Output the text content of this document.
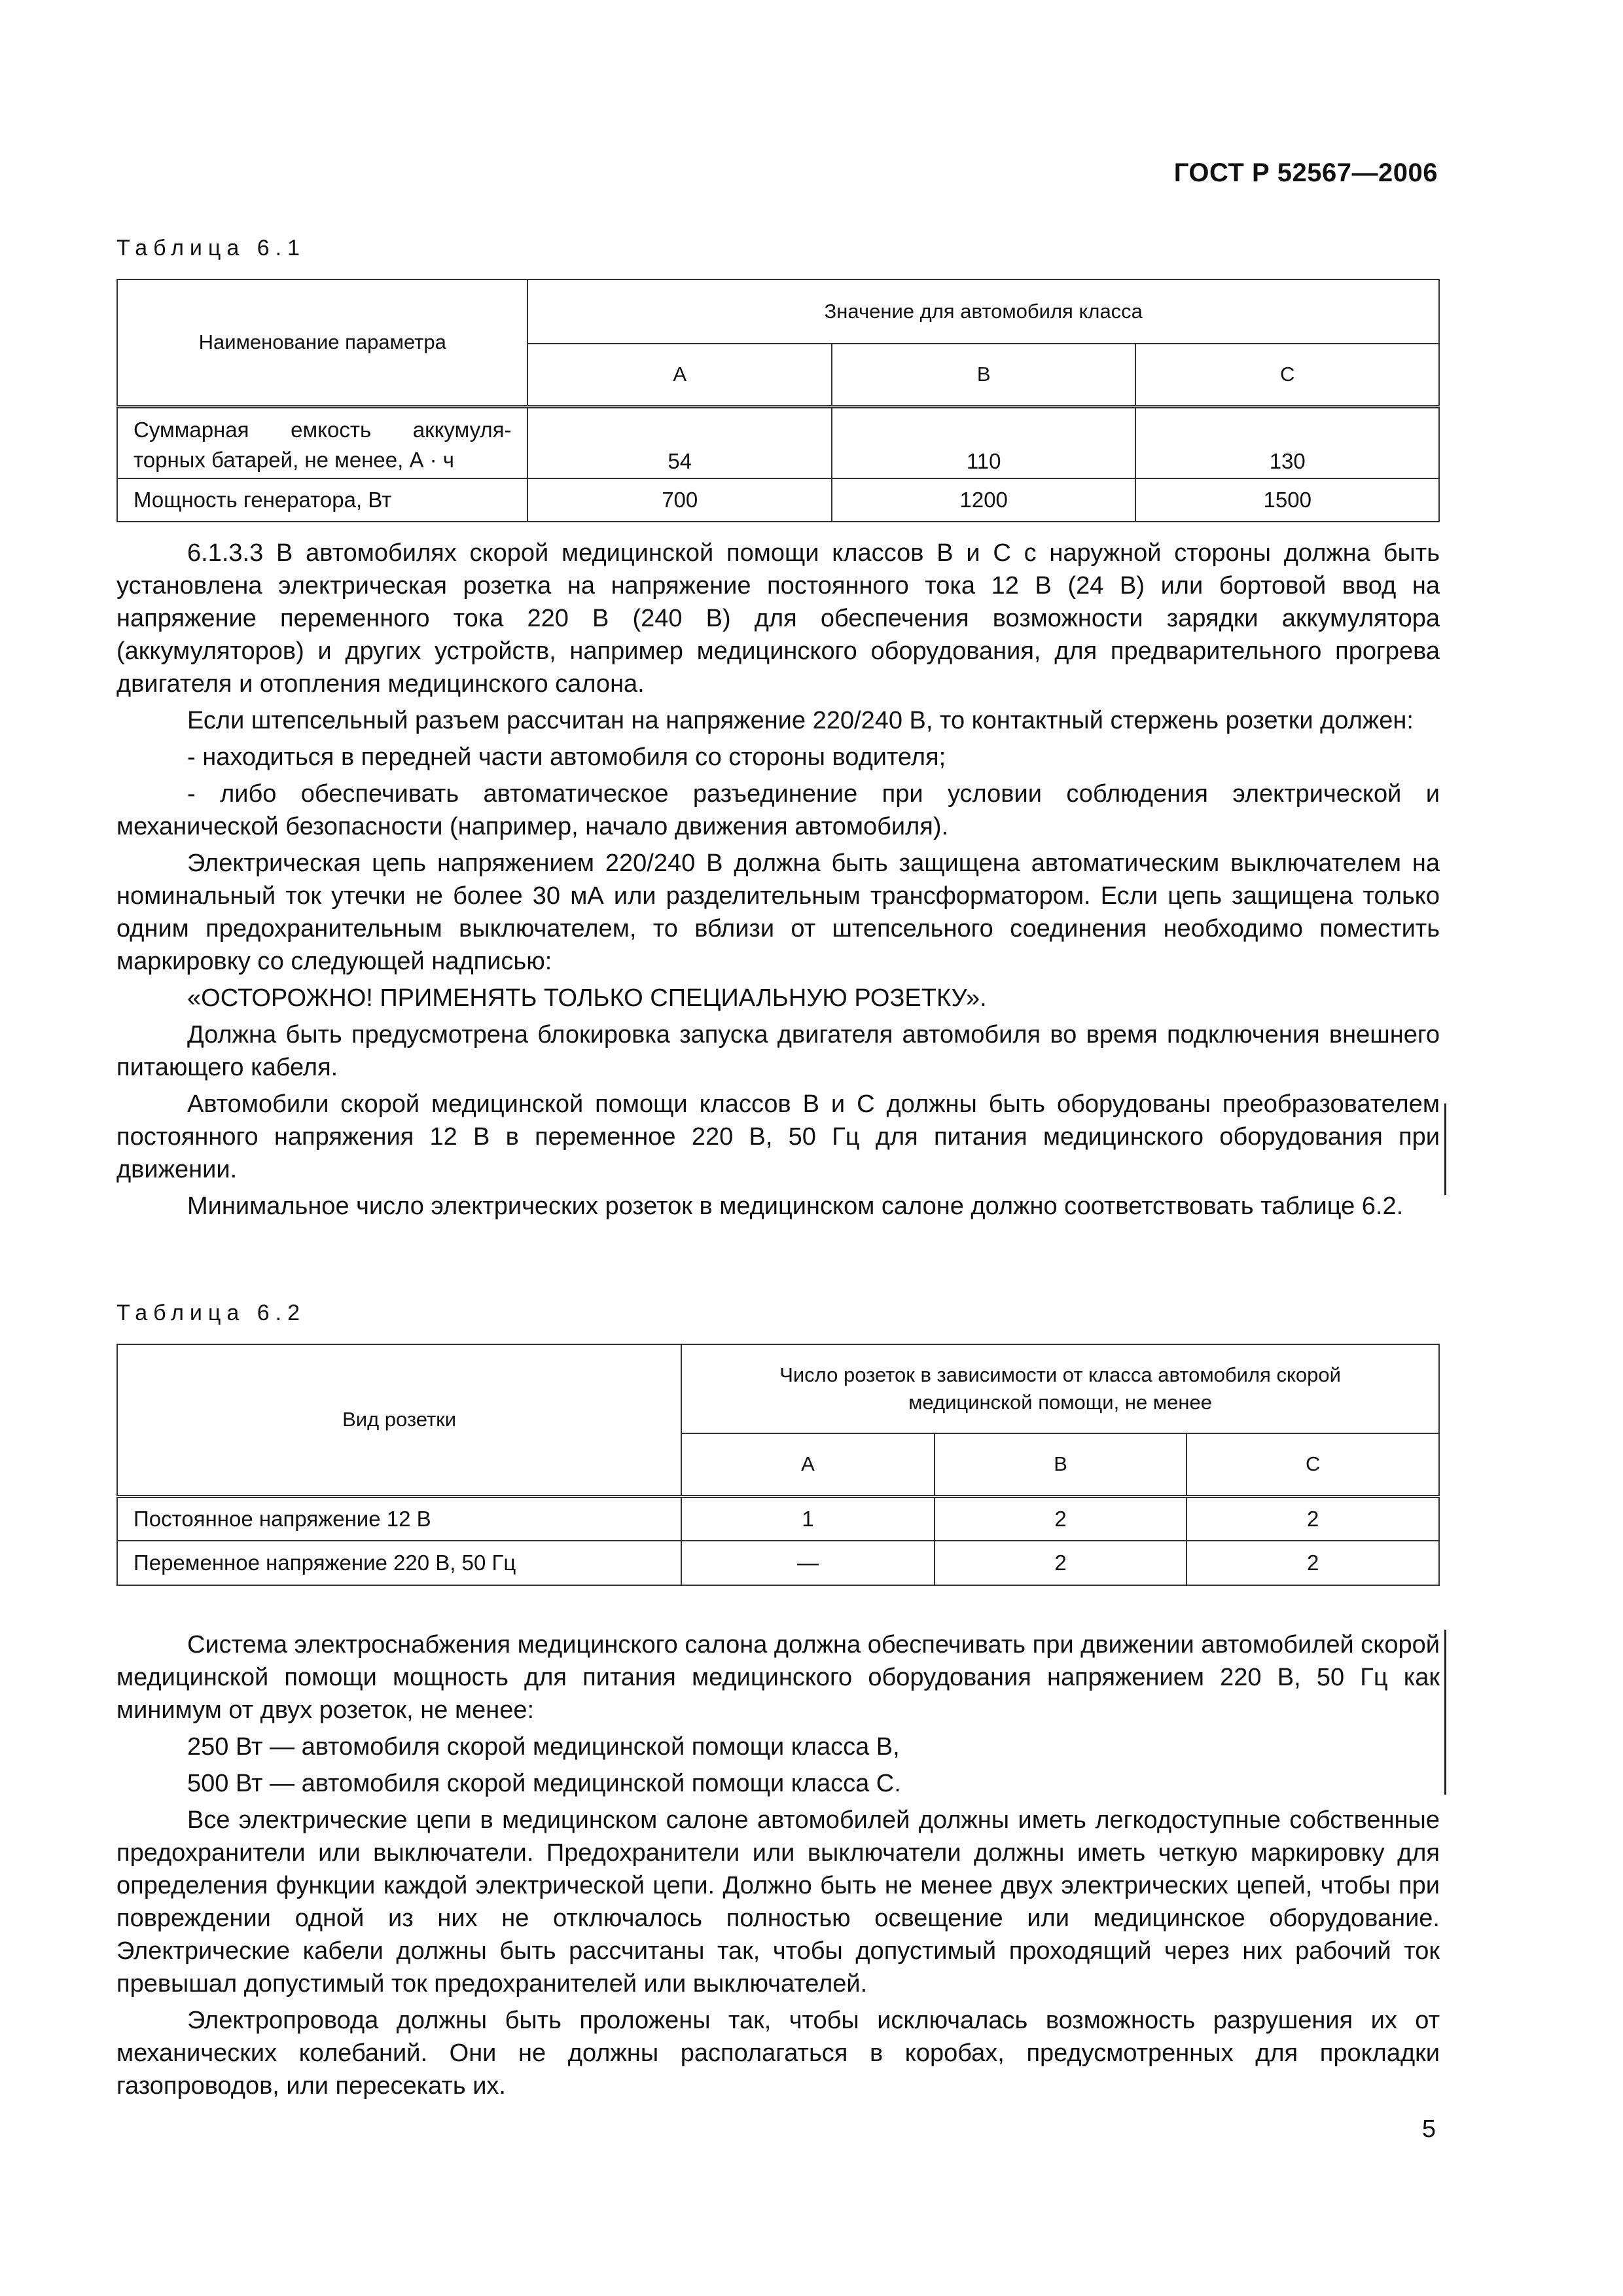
ГОСТ Р 52567—2006
Таблица 6.1
Наименование параметра	Значение для автомобиля класса		
	А	В	С

Суммарная емкость аккумуля-
торных батарей, не менее, А · ч	54	110	130
Мощность генератора, Вт	700	1200	1500

6.1.3.3 В автомобилях скорой медицинской помощи классов В и С с наружной стороны должна быть установлена электрическая розетка на напряжение постоянного тока 12 В (24 В) или бортовой ввод на напряжение переменного тока 220 В (240 В) для обеспечения возможности зарядки аккумулятора (аккумуляторов) и других устройств, например медицинского оборудования, для предварительного прогрева двигателя и отопления медицинского салона.

Если штепсельный разъем рассчитан на напряжение 220/240 В, то контактный стержень розетки должен:

- находиться в передней части автомобиля со стороны водителя;

- либо обеспечивать автоматическое разъединение при условии соблюдения электрической и механической безопасности (например, начало движения автомобиля).

Электрическая цепь напряжением 220/240 В должна быть защищена автоматическим выключателем на номинальный ток утечки не более 30 мА или разделительным трансформатором. Если цепь защищена только одним предохранительным выключателем, то вблизи от штепсельного соединения необходимо поместить маркировку со следующей надписью:

«ОСТОРОЖНО! ПРИМЕНЯТЬ ТОЛЬКО СПЕЦИАЛЬНУЮ РОЗЕТКУ».

Должна быть предусмотрена блокировка запуска двигателя автомобиля во время подключения внешнего питающего кабеля.

Автомобили скорой медицинской помощи классов В и С должны быть оборудованы преобразователем постоянного напряжения 12 В в переменное 220 В, 50 Гц для питания медицинского оборудования при движении.

Минимальное число электрических розеток в медицинском салоне должно соответствовать таблице 6.2.

Таблица 6.2
Вид розетки	Число розеток в зависимости от класса автомобиля скорой медицинской помощи, не менее		
	А	В	С
Постоянное напряжение 12 В	1	2	2
Переменное напряжение 220 В, 50 Гц	—	2	2

Система электроснабжения медицинского салона должна обеспечивать при движении автомобилей скорой медицинской помощи мощность для питания медицинского оборудования напряжением 220 В, 50 Гц как минимум от двух розеток, не менее:

250 Вт — автомобиля скорой медицинской помощи класса В,

500 Вт — автомобиля скорой медицинской помощи класса С.

Все электрические цепи в медицинском салоне автомобилей должны иметь легкодоступные собственные предохранители или выключатели. Предохранители или выключатели должны иметь четкую маркировку для определения функции каждой электрической цепи. Должно быть не менее двух электрических цепей, чтобы при повреждении одной из них не отключалось полностью освещение или медицинское оборудование. Электрические кабели должны быть рассчитаны так, чтобы допустимый проходящий через них рабочий ток превышал допустимый ток предохранителей или выключателей.

Электропровода должны быть проложены так, чтобы исключалась возможность разрушения их от механических колебаний. Они не должны располагаться в коробах, предусмотренных для прокладки газопроводов, или пересекать их.

5
